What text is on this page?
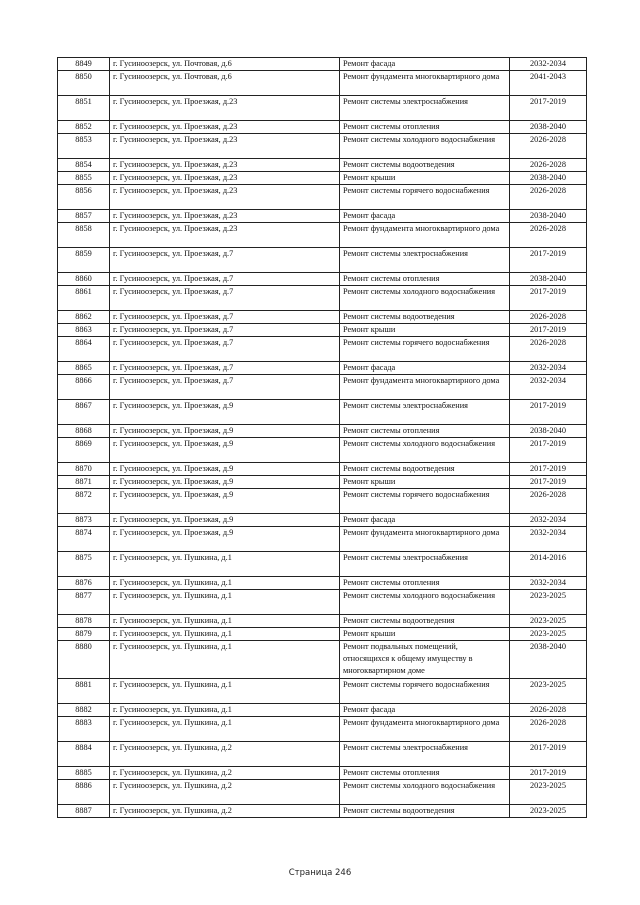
8849	г. Гусиноозерск, ул. Почтовая, д.6	Ремонт фасада	2032-2034
8850	г. Гусиноозерск, ул. Почтовая, д.6	Ремонт фундамента многоквартирного дома	2041-2043
8851	г. Гусиноозерск, ул. Проезжая, д.23	Ремонт системы электроснабжения	2017-2019
8852	г. Гусиноозерск, ул. Проезжая, д.23	Ремонт системы отопления	2038-2040
8853	г. Гусиноозерск, ул. Проезжая, д.23	Ремонт системы холодного водоснабжения	2026-2028
8854	г. Гусиноозерск, ул. Проезжая, д.23	Ремонт системы водоотведения	2026-2028
8855	г. Гусиноозерск, ул. Проезжая, д.23	Ремонт крыши	2038-2040
8856	г. Гусиноозерск, ул. Проезжая, д.23	Ремонт системы горячего водоснабжения	2026-2028
8857	г. Гусиноозерск, ул. Проезжая, д.23	Ремонт фасада	2038-2040
8858	г. Гусиноозерск, ул. Проезжая, д.23	Ремонт фундамента многоквартирного дома	2026-2028
8859	г. Гусиноозерск, ул. Проезжая, д.7	Ремонт системы электроснабжения	2017-2019
8860	г. Гусиноозерск, ул. Проезжая, д.7	Ремонт системы отопления	2038-2040
8861	г. Гусиноозерск, ул. Проезжая, д.7	Ремонт системы холодного водоснабжения	2017-2019
8862	г. Гусиноозерск, ул. Проезжая, д.7	Ремонт системы водоотведения	2026-2028
8863	г. Гусиноозерск, ул. Проезжая, д.7	Ремонт крыши	2017-2019
8864	г. Гусиноозерск, ул. Проезжая, д.7	Ремонт системы горячего водоснабжения	2026-2028
8865	г. Гусиноозерск, ул. Проезжая, д.7	Ремонт фасада	2032-2034
8866	г. Гусиноозерск, ул. Проезжая, д.7	Ремонт фундамента многоквартирного дома	2032-2034
8867	г. Гусиноозерск, ул. Проезжая, д.9	Ремонт системы электроснабжения	2017-2019
8868	г. Гусиноозерск, ул. Проезжая, д.9	Ремонт системы отопления	2038-2040
8869	г. Гусиноозерск, ул. Проезжая, д.9	Ремонт системы холодного водоснабжения	2017-2019
8870	г. Гусиноозерск, ул. Проезжая, д.9	Ремонт системы водоотведения	2017-2019
8871	г. Гусиноозерск, ул. Проезжая, д.9	Ремонт крыши	2017-2019
8872	г. Гусиноозерск, ул. Проезжая, д.9	Ремонт системы горячего водоснабжения	2026-2028
8873	г. Гусиноозерск, ул. Проезжая, д.9	Ремонт фасада	2032-2034
8874	г. Гусиноозерск, ул. Проезжая, д.9	Ремонт фундамента многоквартирного дома	2032-2034
8875	г. Гусиноозерск, ул. Пушкина, д.1	Ремонт системы электроснабжения	2014-2016
8876	г. Гусиноозерск, ул. Пушкина, д.1	Ремонт системы отопления	2032-2034
8877	г. Гусиноозерск, ул. Пушкина, д.1	Ремонт системы холодного водоснабжения	2023-2025
8878	г. Гусиноозерск, ул. Пушкина, д.1	Ремонт системы водоотведения	2023-2025
8879	г. Гусиноозерск, ул. Пушкина, д.1	Ремонт крыши	2023-2025
8880	г. Гусиноозерск, ул. Пушкина, д.1	Ремонт подвальных помещений, относящихся к общему имуществу в многоквартирном доме	2038-2040
8881	г. Гусиноозерск, ул. Пушкина, д.1	Ремонт системы горячего водоснабжения	2023-2025
8882	г. Гусиноозерск, ул. Пушкина, д.1	Ремонт фасада	2026-2028
8883	г. Гусиноозерск, ул. Пушкина, д.1	Ремонт фундамента многоквартирного дома	2026-2028
8884	г. Гусиноозерск, ул. Пушкина, д.2	Ремонт системы электроснабжения	2017-2019
8885	г. Гусиноозерск, ул. Пушкина, д.2	Ремонт системы отопления	2017-2019
8886	г. Гусиноозерск, ул. Пушкина, д.2	Ремонт системы холодного водоснабжения	2023-2025
8887	г. Гусиноозерск, ул. Пушкина, д.2	Ремонт системы водоотведения	2023-2025
Страница 246
